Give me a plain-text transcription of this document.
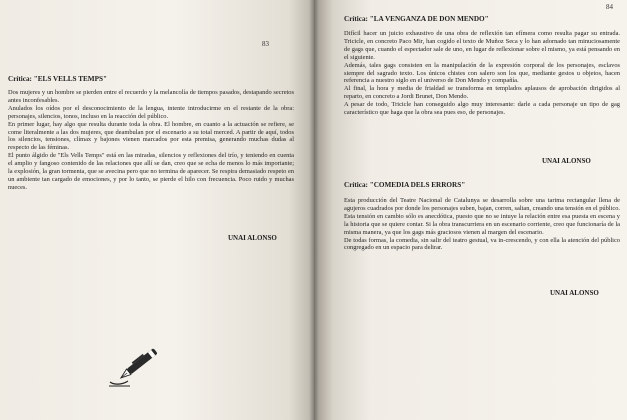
83
Crítica: "ELS VELLS TEMPS"

Dos mujeres y un hombre se pierden entre el recuerdo y la melancolía de tiempos pasados, destapando secretos antes inconfesables.

Anulados los oídos por el desconocimiento de la lengua, intente introducirme en el restante de la obra: personajes, silencios, tonos, incluso en la reacción del público.

En primer lugar, hay algo que resulta durante toda la obra. El hombre, en cuanto a la actuación se refiere, se come literalmente a las dos mujeres, que deambulan por el escenario a su total merced. A partir de aquí, todos los silencios, tensiones, clímax y bajones vienen marcados por esta premisa, generando muchas dudas al respecto de las féminas.

El punto álgido de "Els Vells Temps" está en las miradas, silencios y reflexiones del trío, y teniendo en cuenta el amplio y fangoso contenido de las relaciones que allí se dan, creo que se echa de menos lo más importante; la explosión, la gran tormenta, que se avecina pero que no termina de aparecer. Se respira demasiado respeto en un ambiente tan cargado de emociones, y por lo tanto, se pierde el hilo con frecuencia. Poco ruido y muchas nueces.

UNAI ALONSO
84
Crítica: "LA VENGANZA DE DON MENDO"

Difícil hacer un juicio exhaustivo de una obra de reflexión tan efímera como resulta pagar su entrada. Tricicle, en concreto Paco Mir, han cogido el texto de Muñoz Seca y lo han adornado tan minuciosamente de gags que, cuando el espectador sale de uno, en lugar de reflexionar sobre el mismo, ya está pensando en el siguiente.

Además, tales gags consisten en la manipulación de la expresión corporal de los personajes, esclavos siempre del sagrado texto. Los únicos chistes con salero son los que, mediante gestos u objetos, hacen referencia a nuestro siglo en el universo de Don Mendo y compañía.

Al final, la hora y media de frialdad se transforma en templados aplausos de aprobación dirigidos al reparto, en concreto a Jordi Brunet, Don Mendo.

A pesar de todo, Tricicle han conseguido algo muy interesante: darle a cada personaje un tipo de gag característico que haga que la obra sea pues eso, de personajes.

UNAI ALONSO
Crítica: "COMEDIA DELS ERRORS"

Esta producción del Teatre Nacional de Catalunya se desarrolla sobre una tarima rectangular llena de agujeros cuadrados por donde los personajes suben, bajan, corren, saltan, creando una tensión en el público. Esta tensión en cambio sólo es anecdótica, puesto que no se intuye la relación entre esa puesta en escena y la historia que se quiere contar. Si la obra transcurriera en un escenario corriente, creo que funcionaría de la misma manera, ya que los gags más graciosos vienen al margen del escenario.

De todas formas, la comedia, sin salir del teatro gestual, va in-crescendo, y con ella la atención del público congregado en un espacio para delirar.

UNAI ALONSO
